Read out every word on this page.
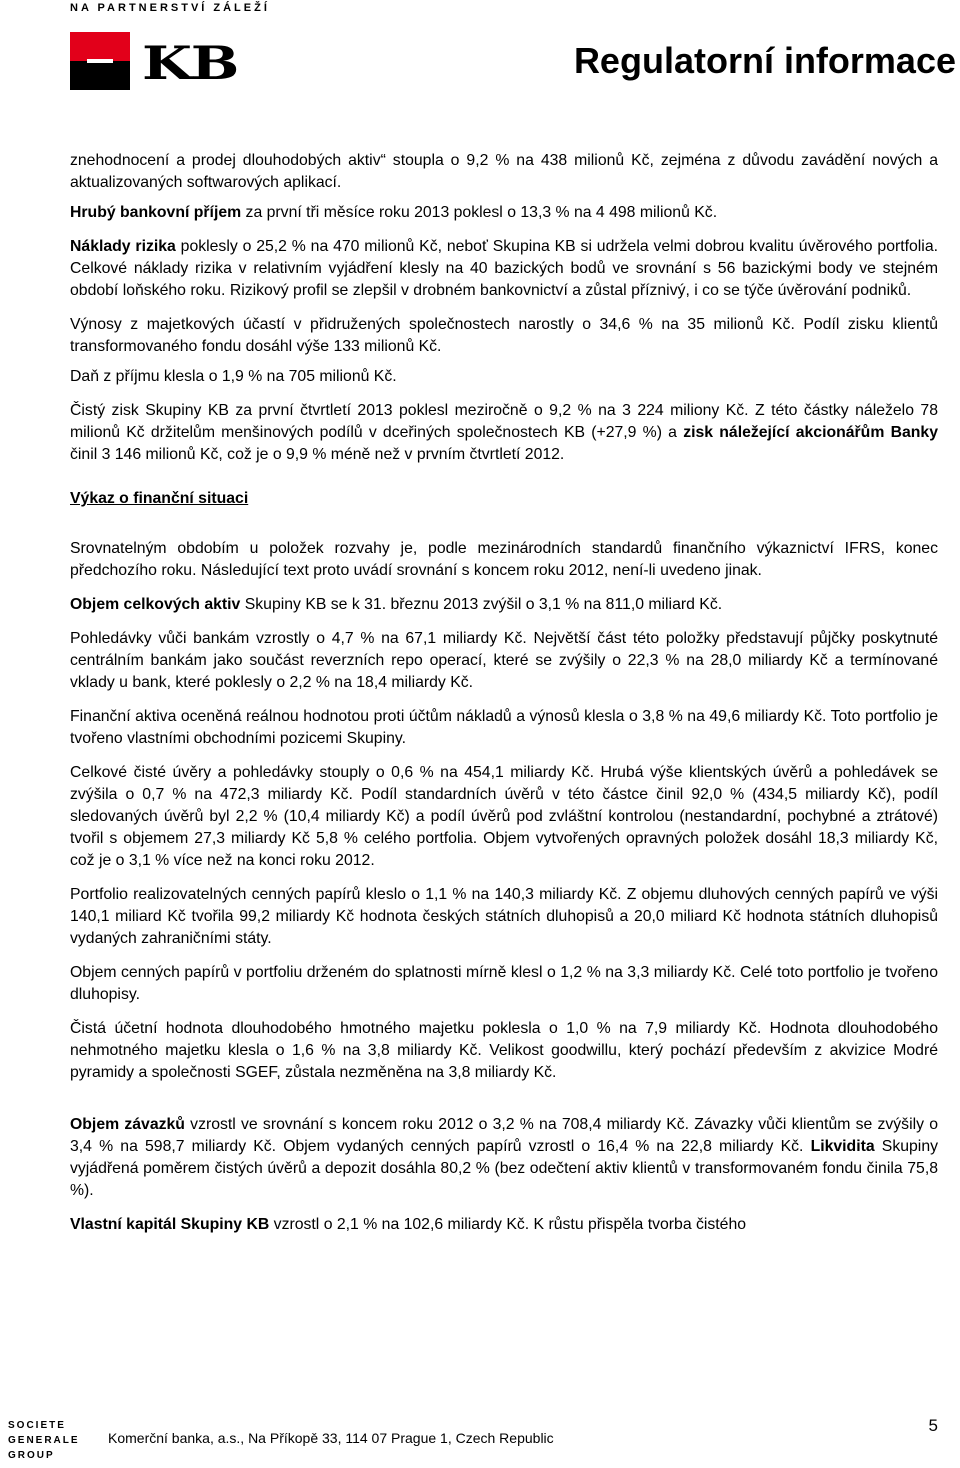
NA PARTNERSTVÍ ZÁLEŽÍ
KB	Regulatorní informace

znehodnocení a prodej dlouhodobých aktiv“ stoupla o 9,2 % na 438 milionů Kč, zejména z důvodu zavádění nových a aktualizovaných softwarových aplikací.

Hrubý bankovní příjem za první tři měsíce roku 2013 poklesl o 13,3 % na 4 498 milionů Kč.

Náklady rizika poklesly o 25,2 % na 470 milionů Kč, neboť Skupina KB si udržela velmi dobrou kvalitu úvěrového portfolia. Celkové náklady rizika v relativním vyjádření klesly na 40 bazických bodů ve srovnání s 56 bazickými body ve stejném období loňského roku. Rizikový profil se zlepšil v drobném bankovnictví a zůstal příznivý, i co se týče úvěrování podniků.

Výnosy z majetkových účastí v přidružených společnostech narostly o 34,6 % na 35 milionů Kč. Podíl zisku klientů transformovaného fondu dosáhl výše 133 milionů Kč.

Daň z příjmu klesla o 1,9 % na 705 milionů Kč.

Čistý zisk Skupiny KB za první čtvrtletí 2013 poklesl meziročně o 9,2 % na 3 224 miliony Kč. Z této částky náleželo 78 milionů Kč držitelům menšinových podílů v dceřiných společnostech KB (+27,9 %) a zisk náležející akcionářům Banky činil 3 146 milionů Kč, což je o 9,9 % méně než v prvním čtvrtletí 2012.

Výkaz o finanční situaci

Srovnatelným obdobím u položek rozvahy je, podle mezinárodních standardů finančního výkaznictví IFRS, konec předchozího roku. Následující text proto uvádí srovnání s koncem roku 2012, není-li uvedeno jinak.

Objem celkových aktiv Skupiny KB se k 31. březnu 2013 zvýšil o 3,1 % na 811,0 miliard Kč.

Pohledávky vůči bankám vzrostly o 4,7 % na 67,1 miliardy Kč. Největší část této položky představují půjčky poskytnuté centrálním bankám jako součást reverzních repo operací, které se zvýšily o 22,3 % na 28,0 miliardy Kč a termínované vklady u bank, které poklesly o 2,2 % na 18,4 miliardy Kč.

Finanční aktiva oceněná reálnou hodnotou proti účtům nákladů a výnosů klesla o 3,8 % na 49,6 miliardy Kč. Toto portfolio je tvořeno vlastními obchodními pozicemi Skupiny.

Celkové čisté úvěry a pohledávky stouply o 0,6 % na 454,1 miliardy Kč. Hrubá výše klientských úvěrů a pohledávek se zvýšila o 0,7 % na 472,3 miliardy Kč. Podíl standardních úvěrů v této částce činil 92,0 % (434,5 miliardy Kč), podíl sledovaných úvěrů byl 2,2 % (10,4 miliardy Kč) a podíl úvěrů pod zvláštní kontrolou (nestandardní, pochybné a ztrátové) tvořil s objemem 27,3 miliardy Kč 5,8 % celého portfolia. Objem vytvořených opravných položek dosáhl 18,3 miliardy Kč, což je o 3,1 % více než na konci roku 2012.

Portfolio realizovatelných cenných papírů kleslo o 1,1 % na 140,3 miliardy Kč. Z objemu dluhových cenných papírů ve výši 140,1 miliard Kč tvořila 99,2 miliardy Kč hodnota českých státních dluhopisů a 20,0 miliard Kč hodnota státních dluhopisů vydaných zahraničními státy.

Objem cenných papírů v portfoliu drženém do splatnosti mírně klesl o 1,2 % na 3,3 miliardy Kč. Celé toto portfolio je tvořeno dluhopisy.

Čistá účetní hodnota dlouhodobého hmotného majetku poklesla o 1,0 % na 7,9 miliardy Kč. Hodnota dlouhodobého nehmotného majetku klesla o 1,6 % na 3,8 miliardy Kč. Velikost goodwillu, který pochází především z akvizice Modré pyramidy a společnosti SGEF, zůstala nezměněna na 3,8 miliardy Kč.

Objem závazků vzrostl ve srovnání s koncem roku 2012 o 3,2 % na 708,4 miliardy Kč. Závazky vůči klientům se zvýšily o 3,4 % na 598,7 miliardy Kč. Objem vydaných cenných papírů vzrostl o 16,4 % na 22,8 miliardy Kč. Likvidita Skupiny vyjádřená poměrem čistých úvěrů a depozit dosáhla 80,2 % (bez odečtení aktiv klientů v transformovaném fondu činila 75,8 %).

Vlastní kapitál Skupiny KB vzrostl o 2,1 % na 102,6 miliardy Kč. K růstu přispěla tvorba čistého

SOCIETE
GENERALE
GROUP
Komerční banka, a.s., Na Příkopě 33, 114 07 Prague 1, Czech Republic
5
